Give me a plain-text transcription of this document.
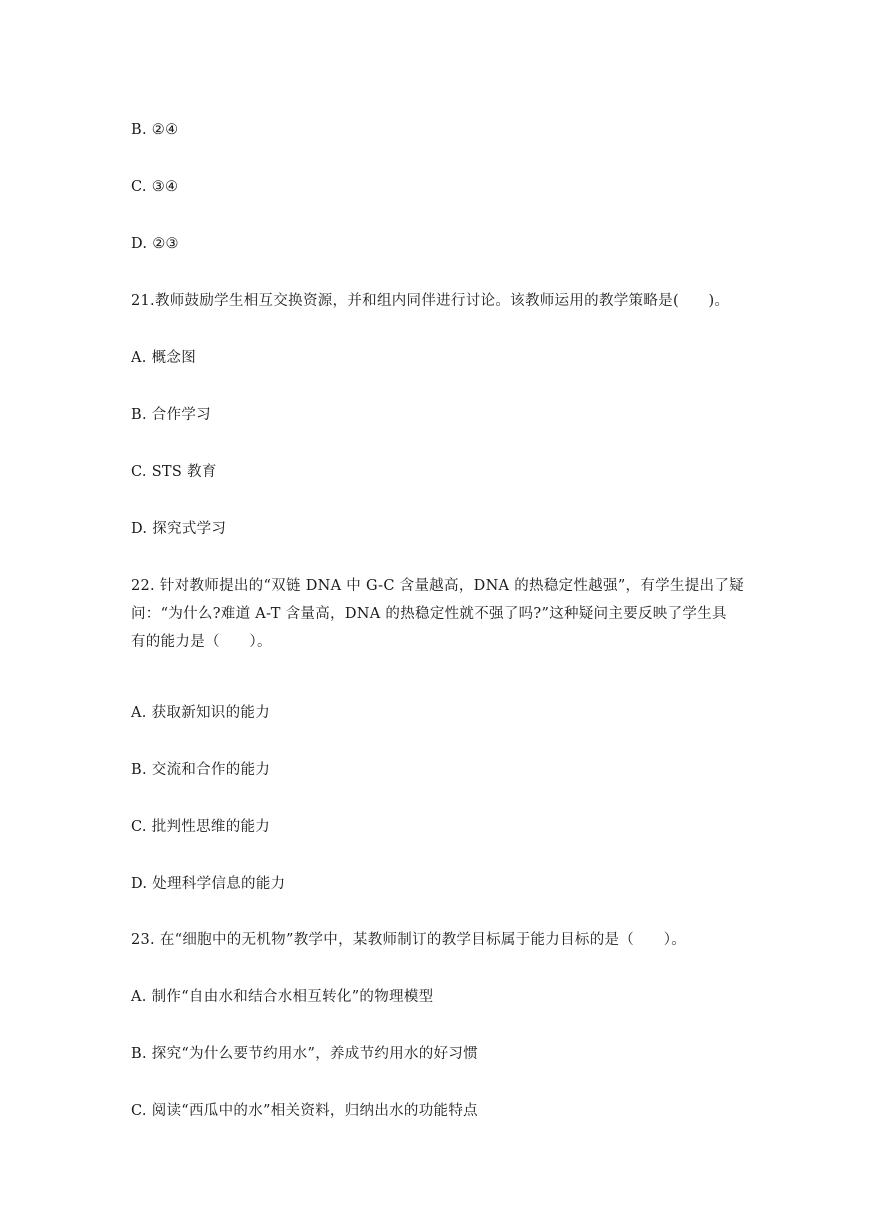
B. ②④
C. ③④
D. ②③
21.教师鼓励学生相互交换资源，并和组内同伴进行讨论。该教师运用的教学策略是(　　)。
A. 概念图
B. 合作学习
C. STS 教育
D. 探究式学习
22. 针对教师提出的“双链 DNA 中 G-C 含量越高，DNA 的热稳定性越强”，有学生提出了疑
问：“为什么?难道 A-T 含量高，DNA 的热稳定性就不强了吗?”这种疑问主要反映了学生具
有的能力是（　　）。
A. 获取新知识的能力
B. 交流和合作的能力
C. 批判性思维的能力
D. 处理科学信息的能力
23. 在“细胞中的无机物”教学中，某教师制订的教学目标属于能力目标的是（　　）。
A. 制作“自由水和结合水相互转化”的物理模型
B. 探究“为什么要节约用水”，养成节约用水的好习惯
C. 阅读“西瓜中的水”相关资料，归纳出水的功能特点
